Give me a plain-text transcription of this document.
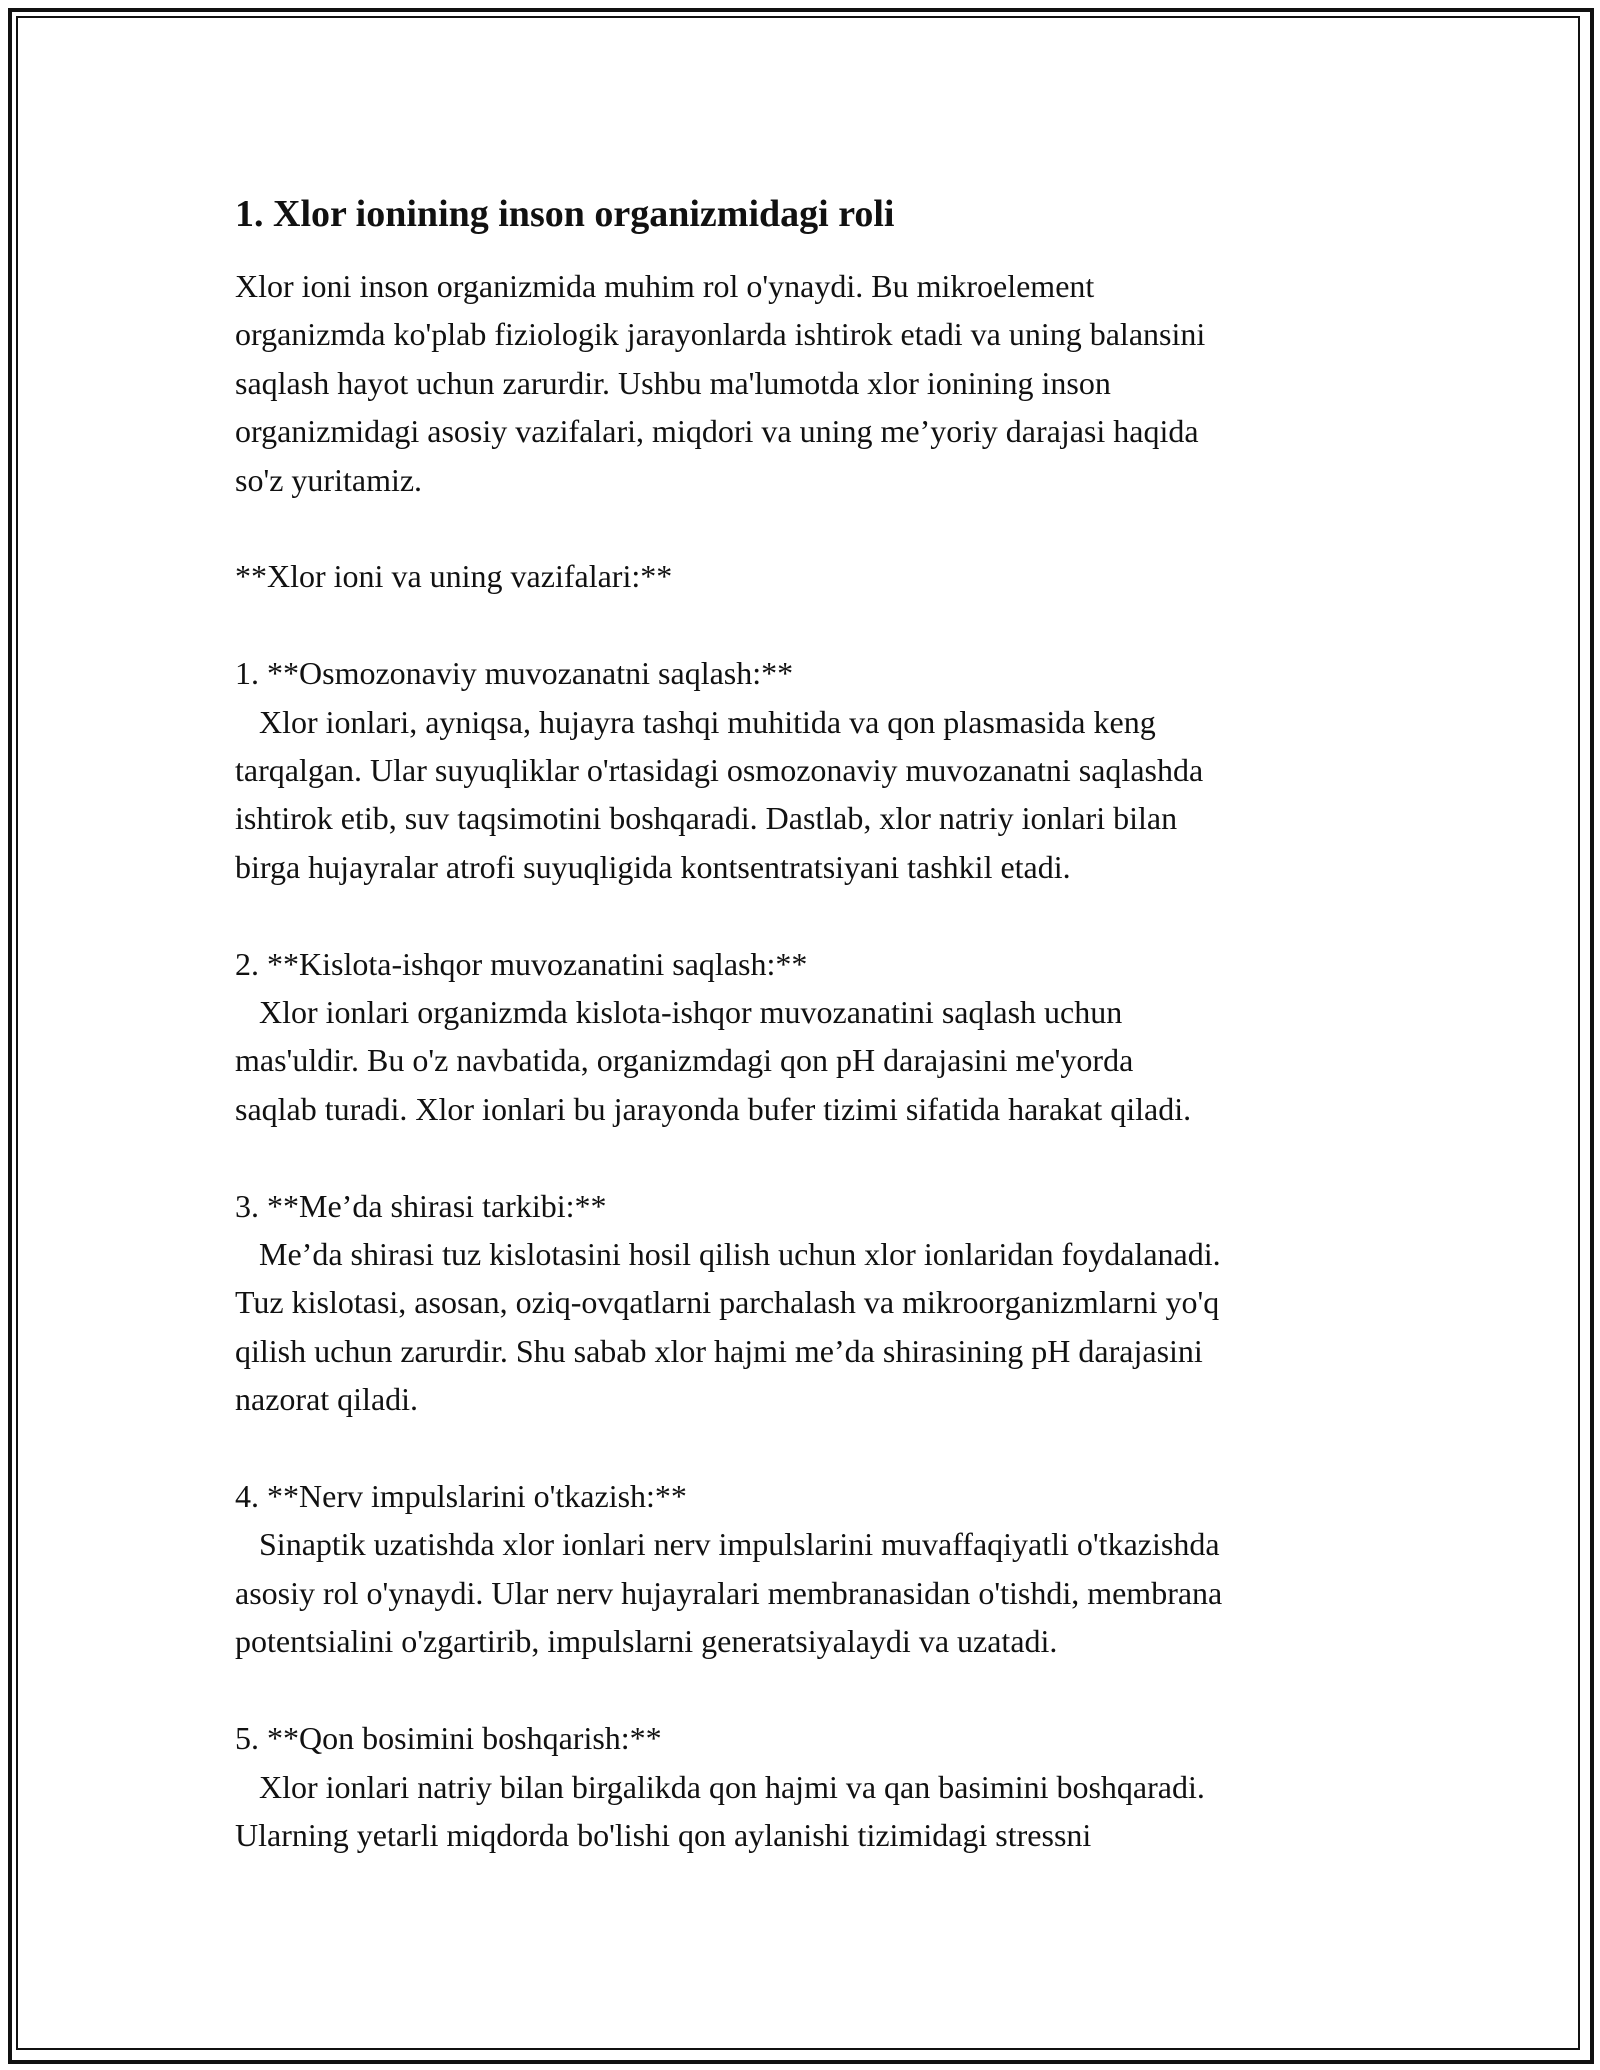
1. Xlor ionining inson organizmidagi roli

Xlor ioni inson organizmida muhim rol o'ynaydi. Bu mikroelement
organizmda ko'plab fiziologik jarayonlarda ishtirok etadi va uning balansini
saqlash hayot uchun zarurdir. Ushbu ma'lumotda xlor ionining inson
organizmidagi asosiy vazifalari, miqdori va uning me’yoriy darajasi haqida
so'z yuritamiz.

**Xlor ioni va uning vazifalari:**

1. **Osmozonaviy muvozanatni saqlash:**

Xlor ionlari, ayniqsa, hujayra tashqi muhitida va qon plasmasida keng
tarqalgan. Ular suyuqliklar o'rtasidagi osmozonaviy muvozanatni saqlashda
ishtirok etib, suv taqsimotini boshqaradi. Dastlab, xlor natriy ionlari bilan
birga hujayralar atrofi suyuqligida kontsentratsiyani tashkil etadi.

2. **Kislota-ishqor muvozanatini saqlash:**

Xlor ionlari organizmda kislota-ishqor muvozanatini saqlash uchun
mas'uldir. Bu o'z navbatida, organizmdagi qon pH darajasini me'yorda
saqlab turadi. Xlor ionlari bu jarayonda bufer tizimi sifatida harakat qiladi.

3. **Me’da shirasi tarkibi:**

Me’da shirasi tuz kislotasini hosil qilish uchun xlor ionlaridan foydalanadi.
Tuz kislotasi, asosan, oziq-ovqatlarni parchalash va mikroorganizmlarni yo'q
qilish uchun zarurdir. Shu sabab xlor hajmi me’da shirasining pH darajasini
nazorat qiladi.

4. **Nerv impulslarini o'tkazish:**

Sinaptik uzatishda xlor ionlari nerv impulslarini muvaffaqiyatli o'tkazishda
asosiy rol o'ynaydi. Ular nerv hujayralari membranasidan o'tishdi, membrana
potentsialini o'zgartirib, impulslarni generatsiyalaydi va uzatadi.

5. **Qon bosimini boshqarish:**

Xlor ionlari natriy bilan birgalikda qon hajmi va qan basimini boshqaradi.
Ularning yetarli miqdorda bo'lishi qon aylanishi tizimidagi stressni
